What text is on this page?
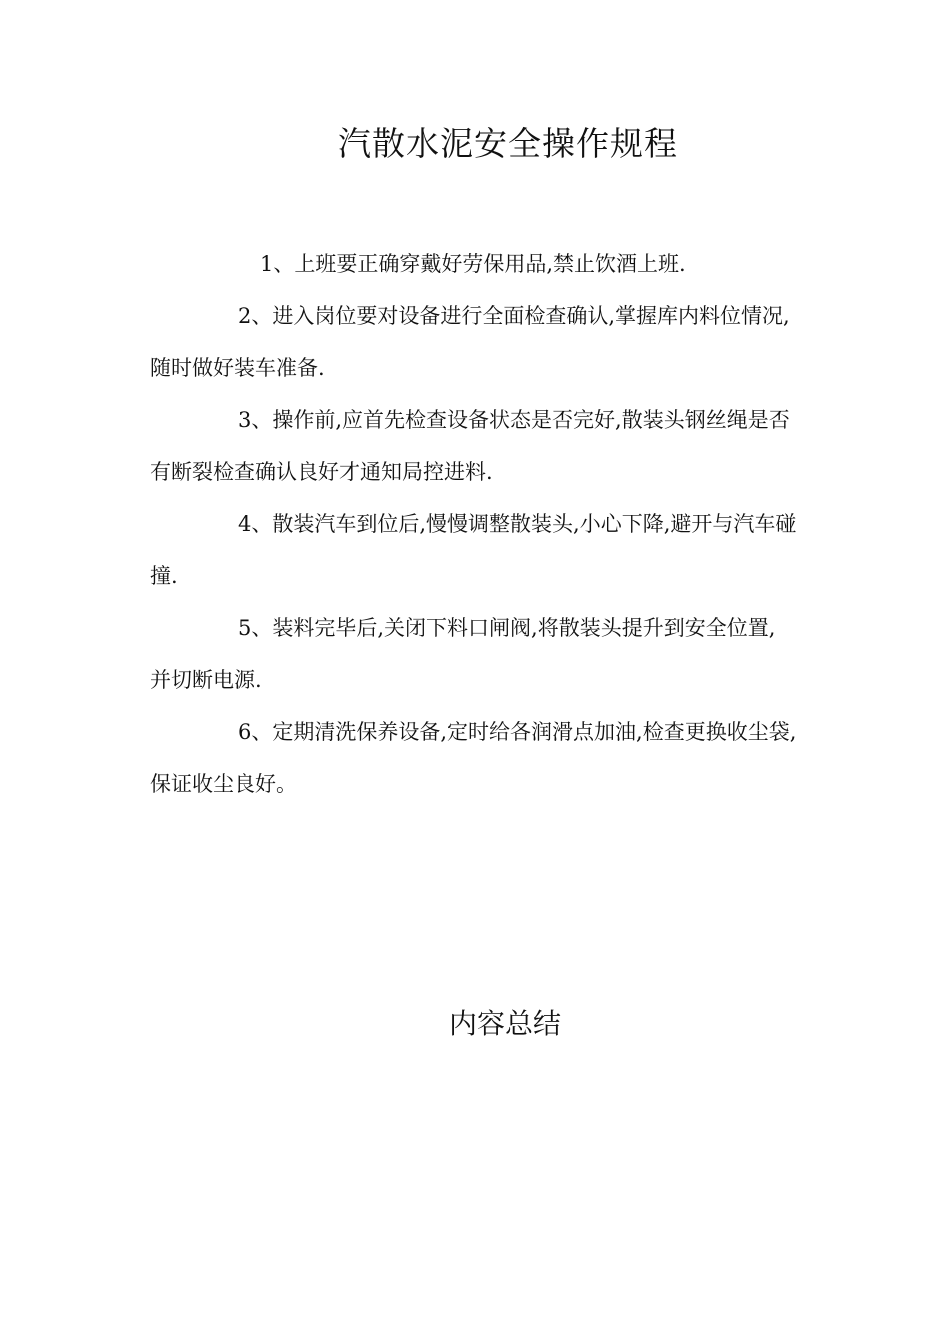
汽散水泥安全操作规程

1、上班要正确穿戴好劳保用品,禁止饮酒上班.

2、进入岗位要对设备进行全面检查确认,掌握库内料位情况,随时做好装车准备.

3、操作前,应首先检查设备状态是否完好,散装头钢丝绳是否有断裂检查确认良好才通知局控进料.

4、散装汽车到位后,慢慢调整散装头,小心下降,避开与汽车碰撞.

5、装料完毕后,关闭下料口闸阀,将散装头提升到安全位置, 并切断电源.

6、定期清洗保养设备,定时给各润滑点加油,检查更换收尘袋,保证收尘良好。

内容总结
